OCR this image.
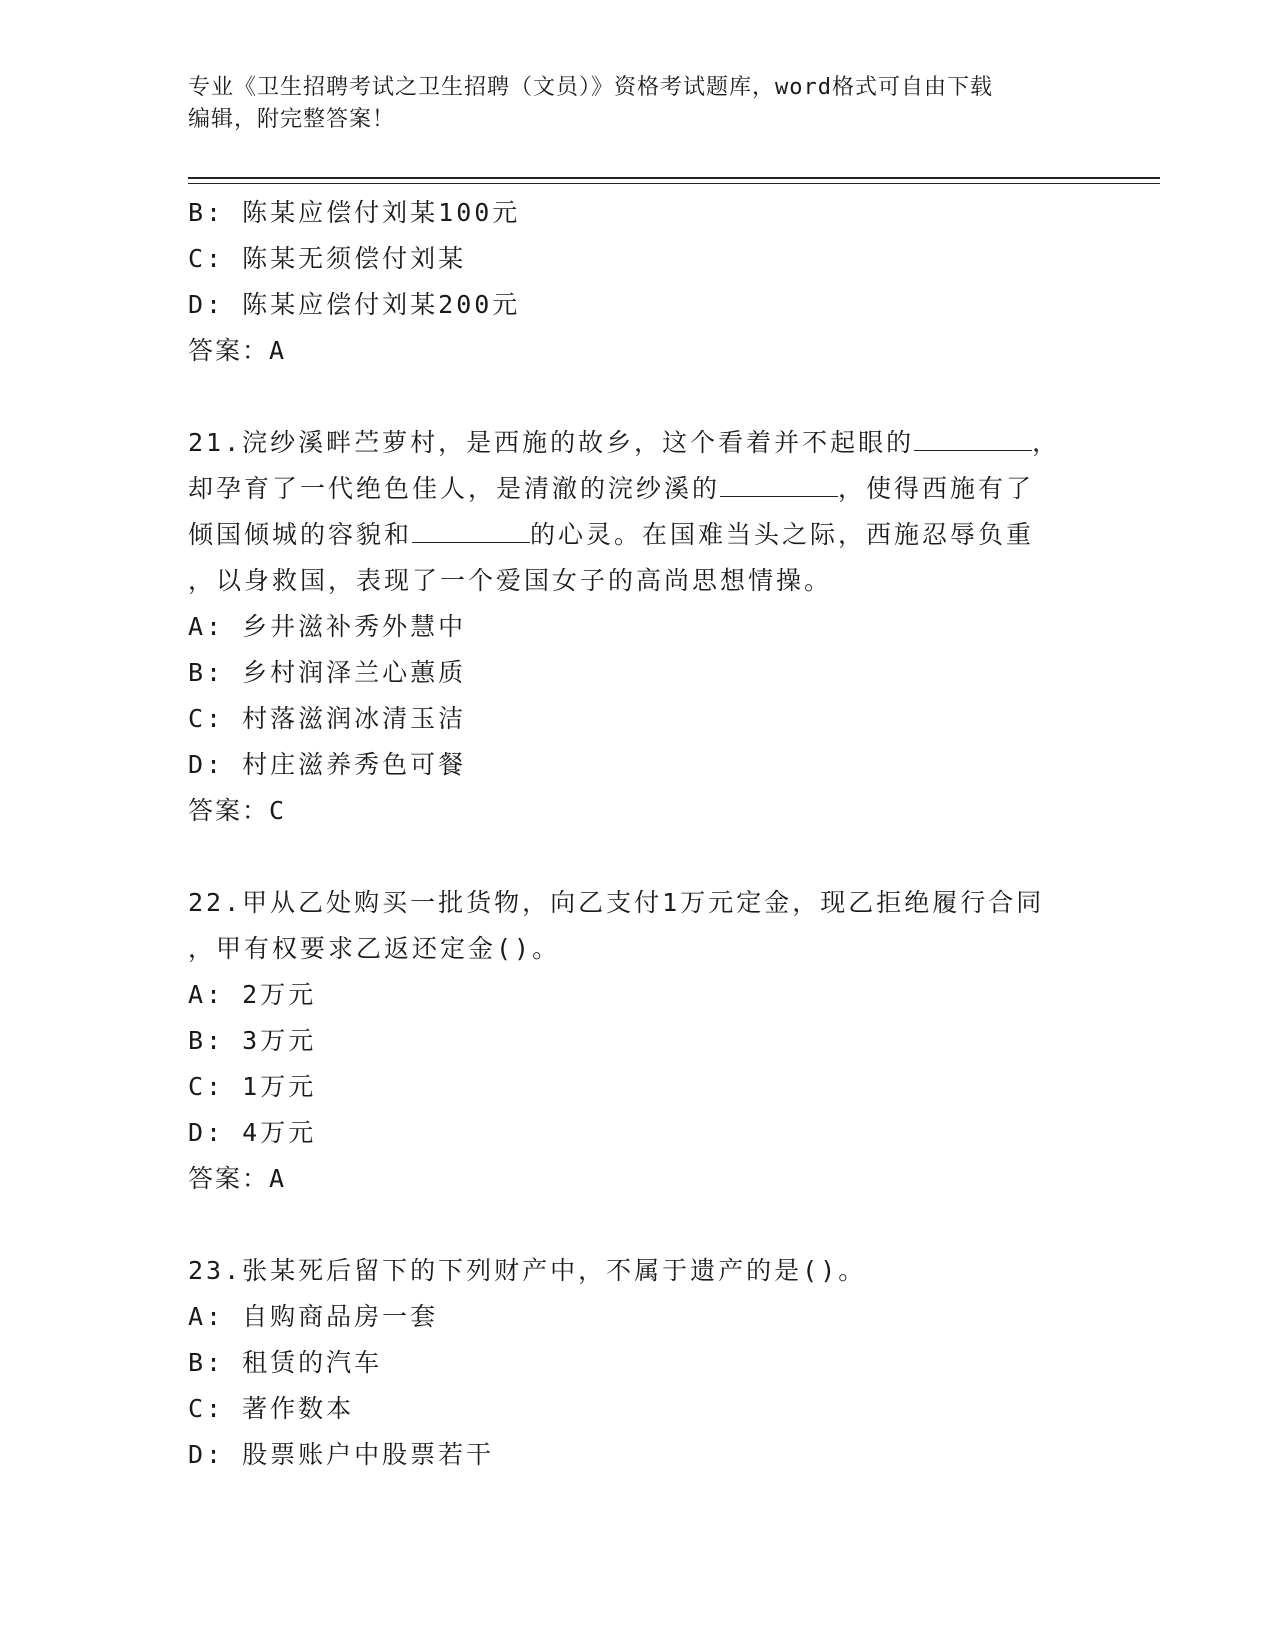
专业《卫生招聘考试之卫生招聘（文员）》资格考试题库，word格式可自由下载
编辑，附完整答案！
B: 陈某应偿付刘某100元
C: 陈某无须偿付刘某
D: 陈某应偿付刘某200元
答案：A
21.浣纱溪畔苎萝村，是西施的故乡，这个看着并不起眼的	，
却孕育了一代绝色佳人，是清澈的浣纱溪的	，使得西施有了
倾国倾城的容貌和	的心灵。在国难当头之际，西施忍辱负重
，以身救国，表现了一个爱国女子的高尚思想情操。
A: 乡井滋补秀外慧中
B: 乡村润泽兰心蕙质
C: 村落滋润冰清玉洁
D: 村庄滋养秀色可餐
答案：C
22.甲从乙处购买一批货物，向乙支付1万元定金，现乙拒绝履行合同
，甲有权要求乙返还定金()。
A: 2万元
B: 3万元
C: 1万元
D: 4万元
答案：A
23.张某死后留下的下列财产中，不属于遗产的是()。
A: 自购商品房一套
B: 租赁的汽车
C: 著作数本
D: 股票账户中股票若干
